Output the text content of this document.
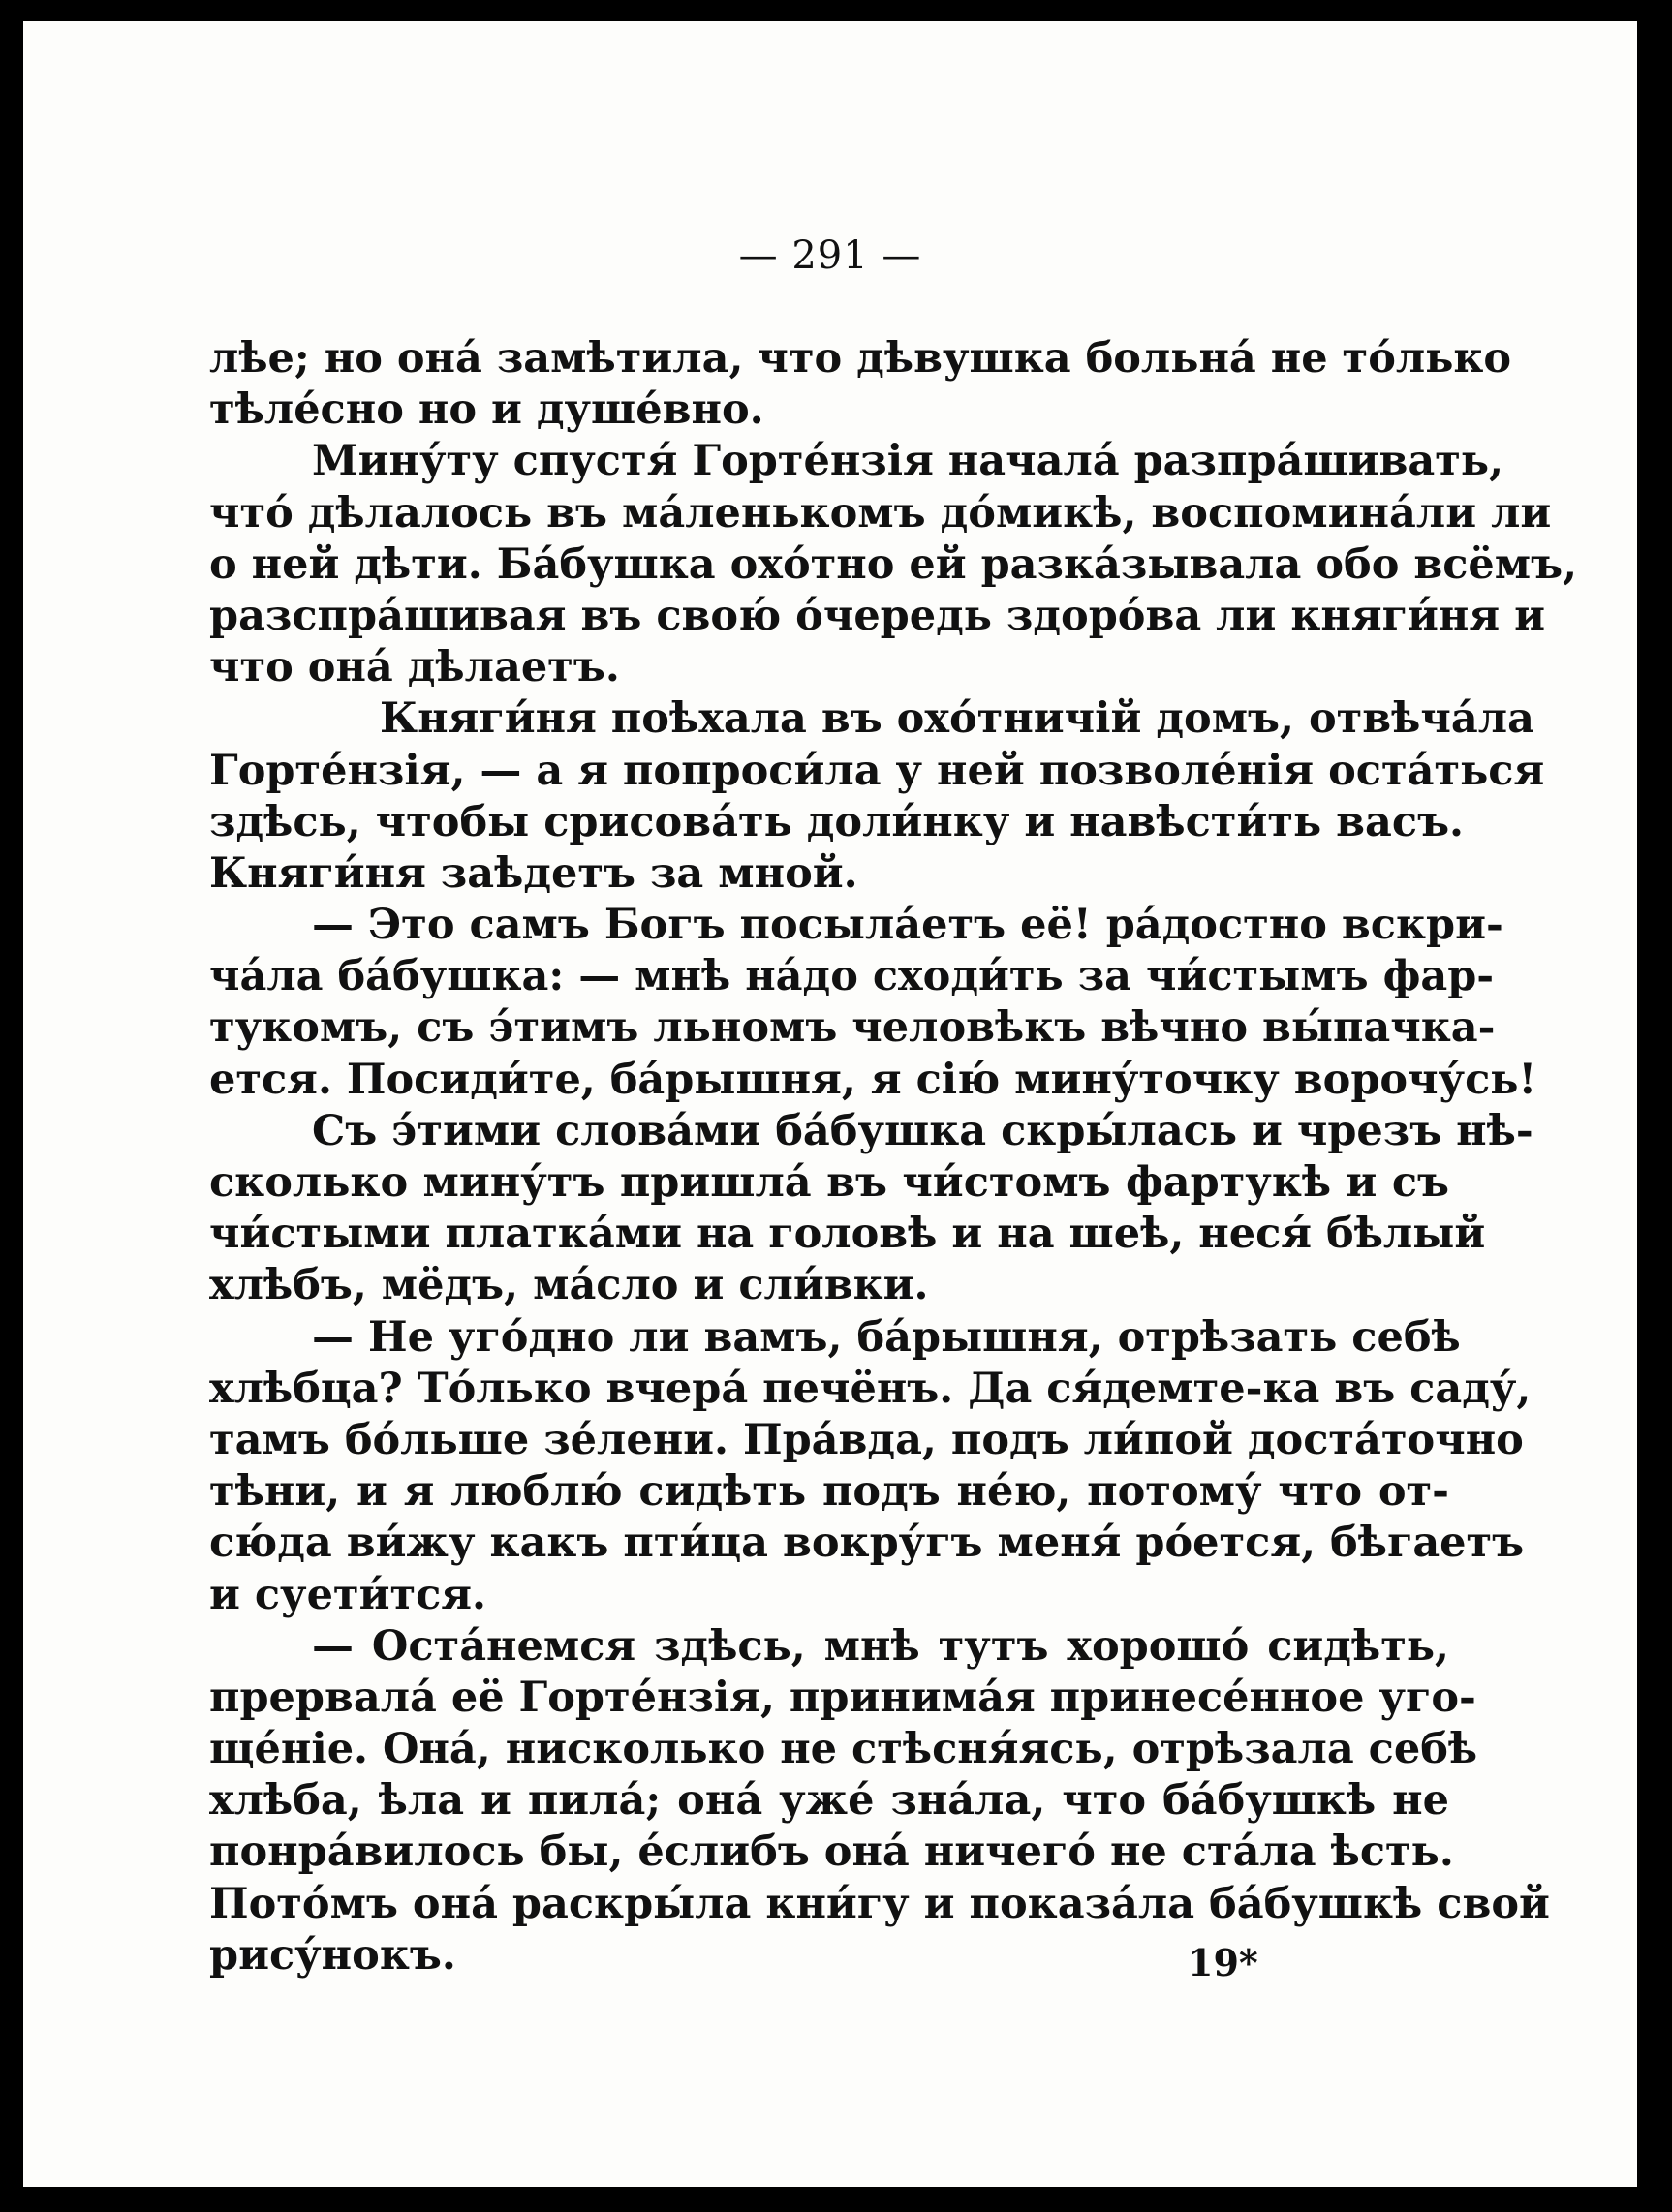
— 291 —
лѣе; но она́ замѣтила, что дѣвушка больна́ не то́лько
тѣле́сно но и душе́вно.
Мину́ту спустя́ Горте́нзія начала́ разпра́шивать,
что́ дѣлалось въ ма́ленькомъ до́микѣ, воспомина́ли ли
о ней дѣти. Ба́бушка охо́тно ей разка́зывала обо всёмъ,
разспра́шивая въ свою́ о́чередь здоро́ва ли княги́ня и
что она́ дѣлаетъ.
Княги́ня поѣхала въ охо́тничій домъ, отвѣча́ла
Горте́нзія, — а я попроси́ла у ней позволе́нія оста́ться
здѣсь, чтобы срисова́ть доли́нку и навѣсти́ть васъ.
Княги́ня заѣдетъ за мной.
— Это самъ Богъ посыла́етъ её! ра́достно вскри-
ча́ла ба́бушка: — мнѣ на́до сходи́ть за чи́стымъ фар-
тукомъ, съ э́тимъ льномъ человѣкъ вѣчно вы́пачка-
ется. Посиди́те, ба́рышня, я сію́ мину́точку ворочу́сь!
Съ э́тими слова́ми ба́бушка скры́лась и чрезъ нѣ-
сколько мину́тъ пришла́ въ чи́стомъ фартукѣ и съ
чи́стыми платка́ми на головѣ и на шеѣ, неся́ бѣлый
хлѣбъ, мёдъ, ма́сло и сли́вки.
— Не уго́дно ли вамъ, ба́рышня, отрѣзать себѣ
хлѣбца? То́лько вчера́ печёнъ. Да ся́демте-ка въ саду́,
тамъ бо́льше зе́лени. Пра́вда, подъ ли́пой доста́точно
тѣни, и я люблю́ сидѣть подъ не́ю, потому́ что от-
сю́да ви́жу какъ пти́ца вокру́гъ меня́ ро́ется, бѣгаетъ
и суети́тся.
— Оста́немся здѣсь, мнѣ тутъ хорошо́ сидѣть,
прервала́ её Горте́нзія, принима́я принесе́нное уго-
ще́ніе. Она́, нисколько не стѣсня́ясь, отрѣзала себѣ
хлѣба, ѣла и пила́; она́ уже́ зна́ла, что ба́бушкѣ не
понра́вилось бы, е́слибъ она́ ничего́ не ста́ла ѣсть.
Пото́мъ она́ раскры́ла кни́гу и показа́ла ба́бушкѣ свой
рису́нокъ.	19*
